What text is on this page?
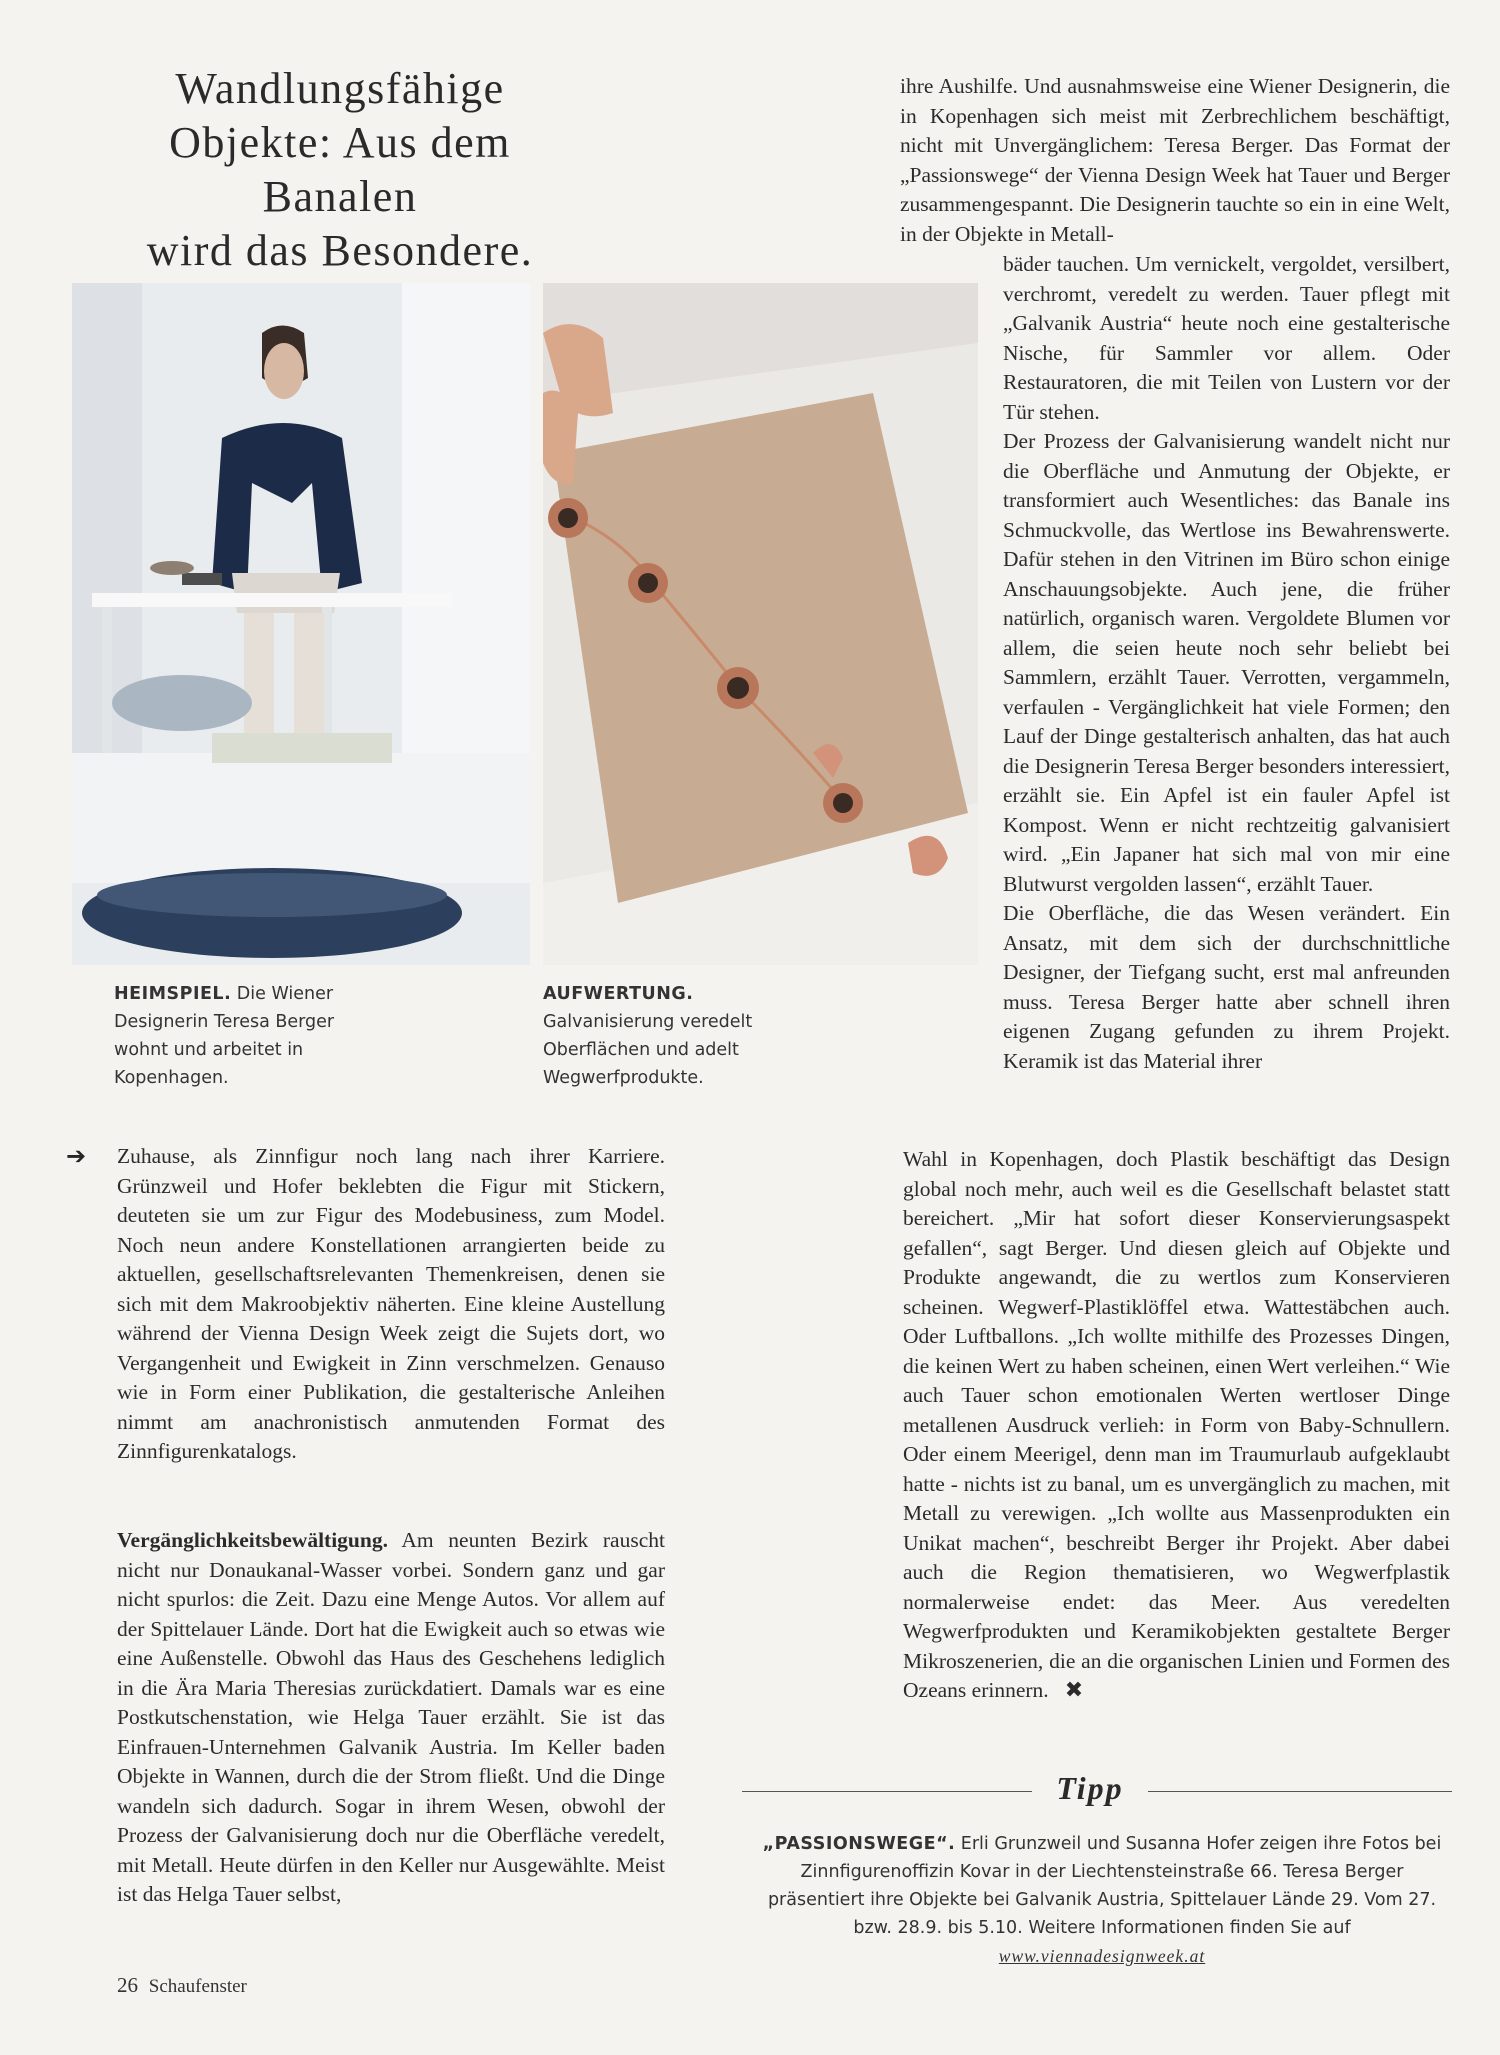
Wandlungsfähige
Objekte: Aus dem Banalen
wird das Besondere.

HEIMSPIEL. Die Wiener Designerin Teresa Berger wohnt und arbeitet in Kopenhagen.

AUFWERTUNG. Galvanisierung veredelt Oberflächen und adelt Wegwerfprodukte.

➔ Zuhause, als Zinnfigur noch lang nach ihrer Karriere. Grünzweil und Hofer beklebten die Figur mit Stickern, deuteten sie um zur Figur des Modebusiness, zum Model. Noch neun andere Konstellationen arrangierten beide zu aktuellen, gesellschaftsrelevanten Themenkreisen, denen sie sich mit dem Makroobjektiv näherten. Eine kleine Austellung während der Vienna Design Week zeigt die Sujets dort, wo Vergangenheit und Ewigkeit in Zinn verschmelzen. Genauso wie in Form einer Publikation, die gestalterische Anleihen nimmt am anachronistisch anmutenden Format des Zinnfigurenkatalogs.

Vergänglichkeitsbewältigung. Am neunten Bezirk rauscht nicht nur Donaukanal-Wasser vorbei. Sondern ganz und gar nicht spurlos: die Zeit. Dazu eine Menge Autos. Vor allem auf der Spittelauer Lände. Dort hat die Ewigkeit auch so etwas wie eine Außenstelle. Obwohl das Haus des Geschehens lediglich in die Ära Maria Theresias zurückdatiert. Damals war es eine Postkutschenstation, wie Helga Tauer erzählt. Sie ist das Einfrauen-Unternehmen Galvanik Austria. Im Keller baden Objekte in Wannen, durch die der Strom fließt. Und die Dinge wandeln sich dadurch. Sogar in ihrem Wesen, obwohl der Prozess der Galvanisierung doch nur die Oberfläche veredelt, mit Metall. Heute dürfen in den Keller nur Ausgewählte. Meist ist das Helga Tauer selbst,

ihre Aushilfe. Und ausnahmsweise eine Wiener Designerin, die in Kopenhagen sich meist mit Zerbrechlichem beschäftigt, nicht mit Unvergänglichem: Teresa Berger. Das Format der „Passionswege“ der Vienna Design Week hat Tauer und Berger zusammengespannt. Die Designerin tauchte so ein in eine Welt, in der Objekte in Metall-

bäder tauchen. Um vernickelt, vergoldet, versilbert, verchromt, veredelt zu werden. Tauer pflegt mit „Galvanik Austria“ heute noch eine gestalterische Nische, für Sammler vor allem. Oder Restauratoren, die mit Teilen von Lustern vor der Tür stehen.
Der Prozess der Galvanisierung wandelt nicht nur die Oberfläche und Anmutung der Objekte, er transformiert auch Wesentliches: das Banale ins Schmuckvolle, das Wertlose ins Bewahrenswerte. Dafür stehen in den Vitrinen im Büro schon einige Anschauungsobjekte. Auch jene, die früher natürlich, organisch waren. Vergoldete Blumen vor allem, die seien heute noch sehr beliebt bei Sammlern, erzählt Tauer. Verrotten, vergammeln, verfaulen - Vergänglichkeit hat viele Formen; den Lauf der Dinge gestalterisch anhalten, das hat auch die Designerin Teresa Berger besonders interessiert, erzählt sie. Ein Apfel ist ein fauler Apfel ist Kompost. Wenn er nicht rechtzeitig galvanisiert wird. „Ein Japaner hat sich mal von mir eine Blutwurst vergolden lassen“, erzählt Tauer.
Die Oberfläche, die das Wesen verändert. Ein Ansatz, mit dem sich der durchschnittliche Designer, der Tiefgang sucht, erst mal anfreunden muss. Teresa Berger hatte aber schnell ihren eigenen Zugang gefunden zu ihrem Projekt. Keramik ist das Material ihrer

Wahl in Kopenhagen, doch Plastik beschäftigt das Design global noch mehr, auch weil es die Gesellschaft belastet statt bereichert. „Mir hat sofort dieser Konservierungsaspekt gefallen“, sagt Berger. Und diesen gleich auf Objekte und Produkte angewandt, die zu wertlos zum Konservieren scheinen. Wegwerf-Plastiklöffel etwa. Wattestäbchen auch. Oder Luftballons. „Ich wollte mithilfe des Prozesses Dingen, die keinen Wert zu haben scheinen, einen Wert verleihen.“ Wie auch Tauer schon emotionalen Werten wertloser Dinge metallenen Ausdruck verlieh: in Form von Baby-Schnullern. Oder einem Meerigel, denn man im Traumurlaub aufgeklaubt hatte - nichts ist zu banal, um es unvergänglich zu machen, mit Metall zu verewigen. „Ich wollte aus Massenprodukten ein Unikat machen“, beschreibt Berger ihr Projekt. Aber dabei auch die Region thematisieren, wo Wegwerfplastik normalerweise endet: das Meer. Aus veredelten Wegwerfprodukten und Keramikobjekten gestaltete Berger Mikroszenerien, die an die organischen Linien und Formen des Ozeans erinnern. ✖

Tipp

„PASSIONSWEGE“. Erli Grunzweil und Susanna Hofer zeigen ihre Fotos bei Zinnfigurenoffizin Kovar in der Liechtensteinstraße 66. Teresa Berger präsentiert ihre Objekte bei Galvanik Austria, Spittelauer Lände 29. Vom 27. bzw. 28.9. bis 5.10. Weitere Informationen finden Sie auf www.viennadesignweek.at

26 Schaufenster
